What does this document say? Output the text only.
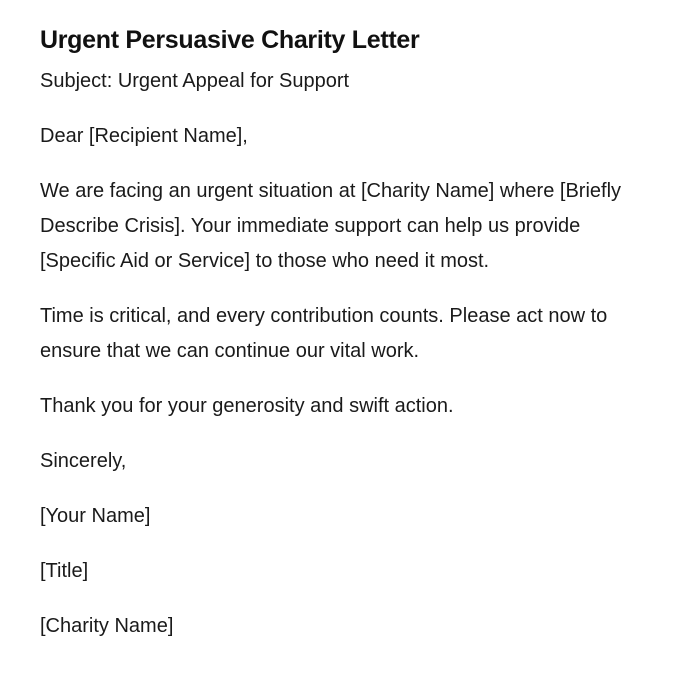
Urgent Persuasive Charity Letter

Subject: Urgent Appeal for Support

Dear [Recipient Name],

We are facing an urgent situation at [Charity Name] where [Briefly Describe Crisis]. Your immediate support can help us provide [Specific Aid or Service] to those who need it most.

Time is critical, and every contribution counts. Please act now to ensure that we can continue our vital work.

Thank you for your generosity and swift action.

Sincerely,

[Your Name]

[Title]

[Charity Name]
